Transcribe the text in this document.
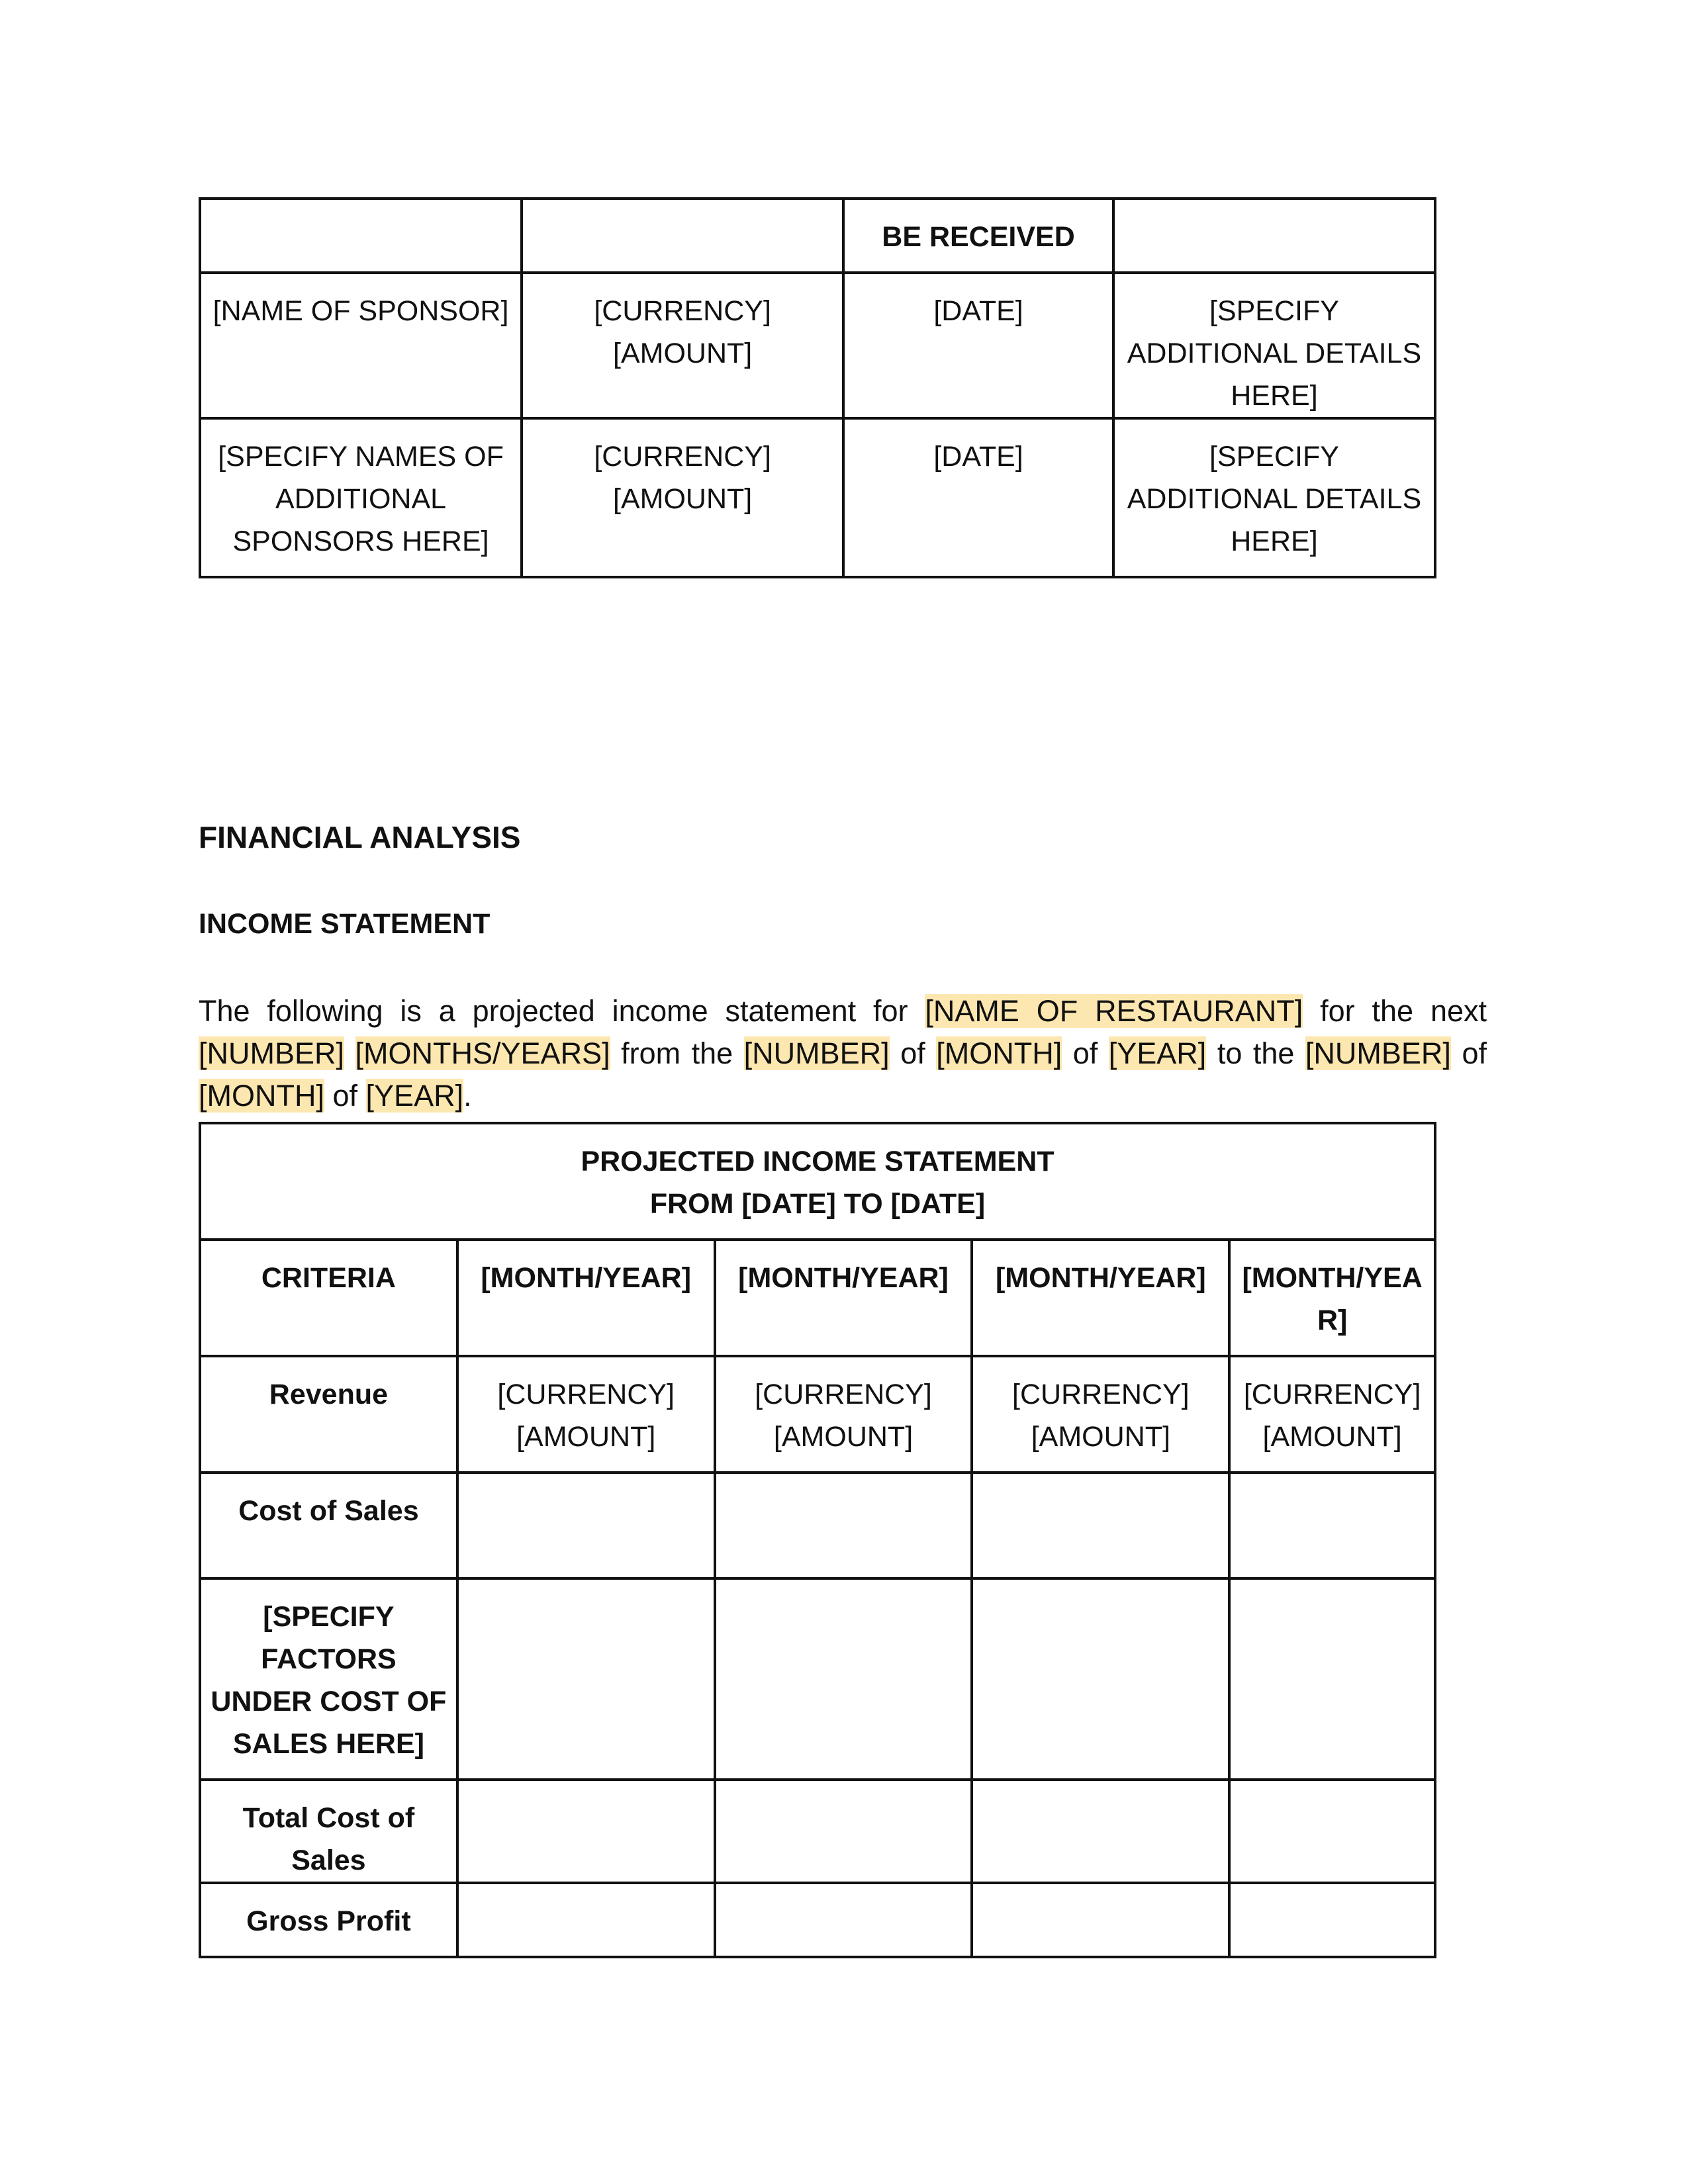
		BE RECEIVED	
[NAME OF SPONSOR]	[CURRENCY] [AMOUNT]	[DATE]	[SPECIFY ADDITIONAL DETAILS HERE]
[SPECIFY NAMES OF ADDITIONAL SPONSORS HERE]	[CURRENCY] [AMOUNT]	[DATE]	[SPECIFY ADDITIONAL DETAILS HERE]
FINANCIAL ANALYSIS
INCOME STATEMENT

The following is a projected income statement for [NAME OF RESTAURANT] for the next [NUMBER] [MONTHS/YEARS] from the [NUMBER] of [MONTH] of [YEAR] to the [NUMBER] of [MONTH] of [YEAR].

PROJECTED INCOME STATEMENT
FROM [DATE] TO [DATE]				

CRITERIA	[MONTH/YEAR]	[MONTH/YEAR]	[MONTH/YEAR]	[MONTH/YEAR]
Revenue	[CURRENCY] [AMOUNT]	[CURRENCY] [AMOUNT]	[CURRENCY] [AMOUNT]	[CURRENCY] [AMOUNT]
Cost of Sales				
[SPECIFY FACTORS UNDER COST OF SALES HERE]				
Total Cost of Sales				
Gross Profit				
